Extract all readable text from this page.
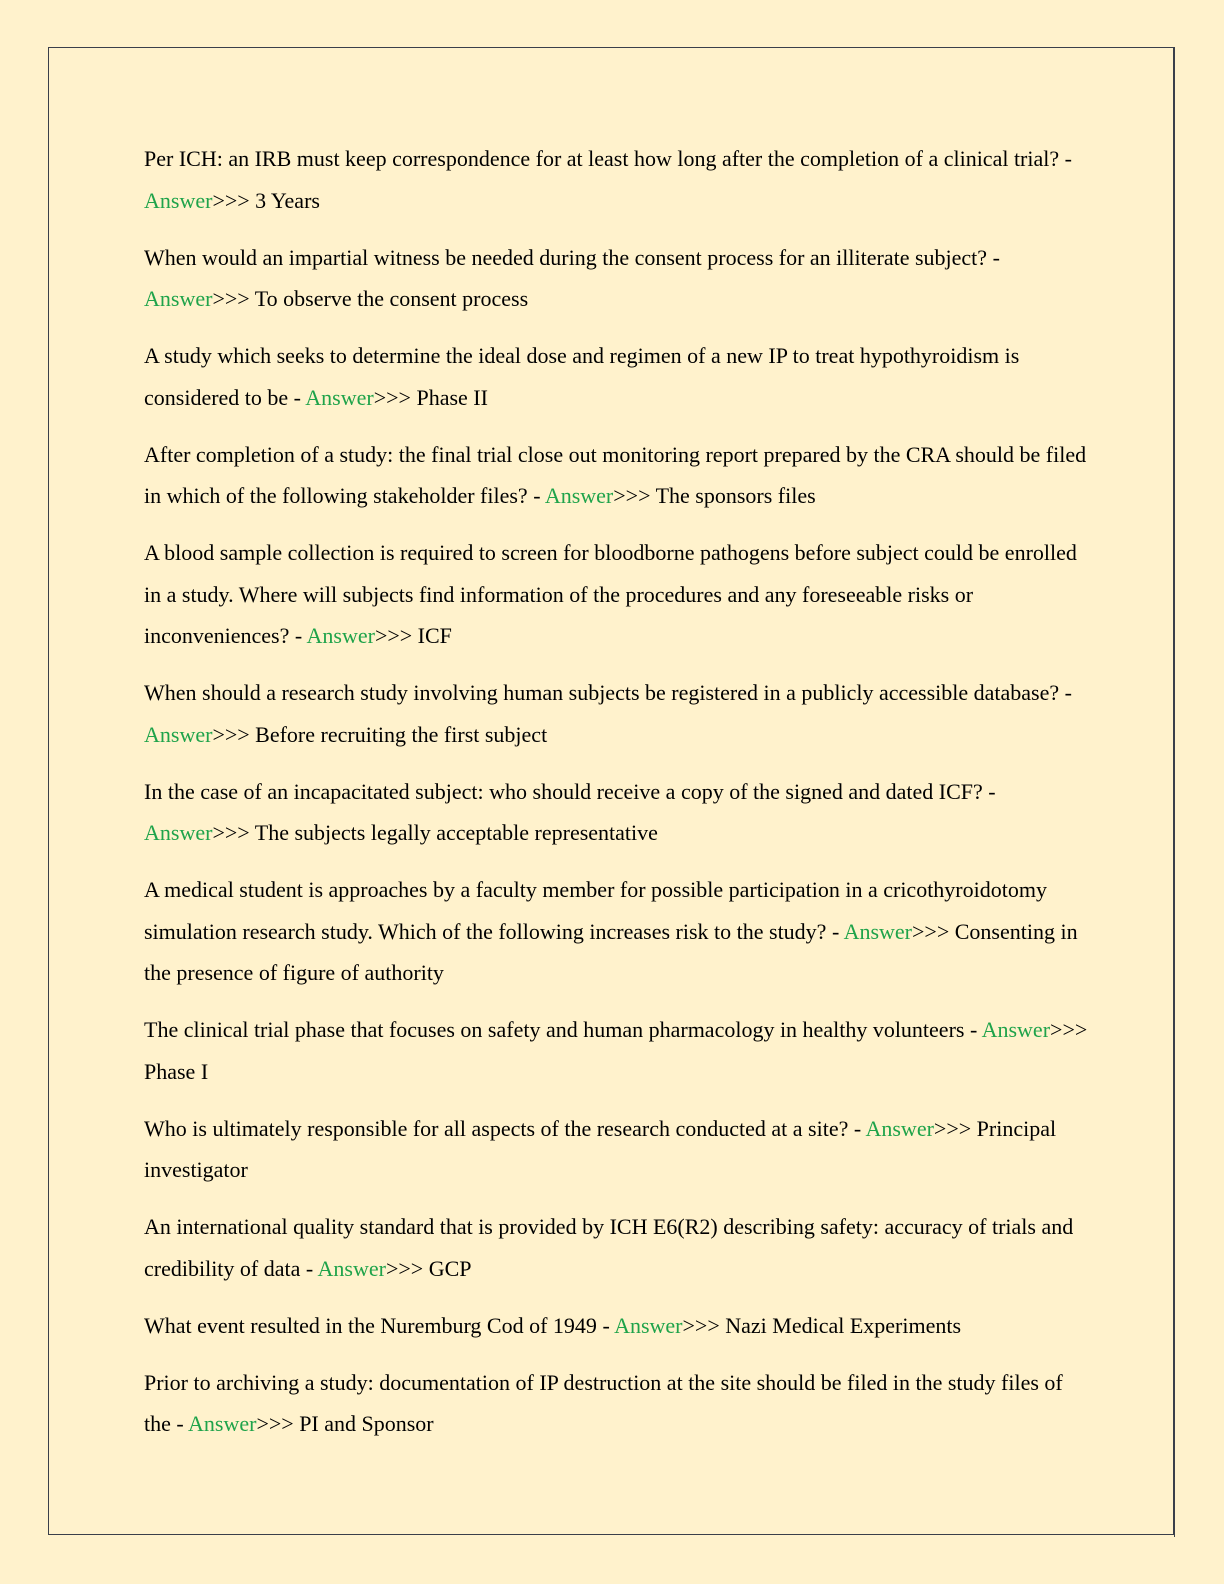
Per ICH: an IRB must keep correspondence for at least how long after the completion of a clinical trial? - Answer>>> 3 Years

When would an impartial witness be needed during the consent process for an illiterate subject? - Answer>>> To observe the consent process

A study which seeks to determine the ideal dose and regimen of a new IP to treat hypothyroidism is considered to be - Answer>>> Phase II

After completion of a study: the final trial close out monitoring report prepared by the CRA should be filed in which of the following stakeholder files? - Answer>>> The sponsors files

A blood sample collection is required to screen for bloodborne pathogens before subject could be enrolled in a study. Where will subjects find information of the procedures and any foreseeable risks or inconveniences? - Answer>>> ICF

When should a research study involving human subjects be registered in a publicly accessible database? - Answer>>> Before recruiting the first subject

In the case of an incapacitated subject: who should receive a copy of the signed and dated ICF? - Answer>>> The subjects legally acceptable representative

A medical student is approaches by a faculty member for possible participation in a cricothyroidotomy simulation research study. Which of the following increases risk to the study? - Answer>>> Consenting in the presence of figure of authority

The clinical trial phase that focuses on safety and human pharmacology in healthy volunteers - Answer>>> Phase I

Who is ultimately responsible for all aspects of the research conducted at a site? - Answer>>> Principal investigator

An international quality standard that is provided by ICH E6(R2) describing safety: accuracy of trials and credibility of data - Answer>>> GCP

What event resulted in the Nuremburg Cod of 1949 - Answer>>> Nazi Medical Experiments

Prior to archiving a study: documentation of IP destruction at the site should be filed in the study files of the - Answer>>> PI and Sponsor
